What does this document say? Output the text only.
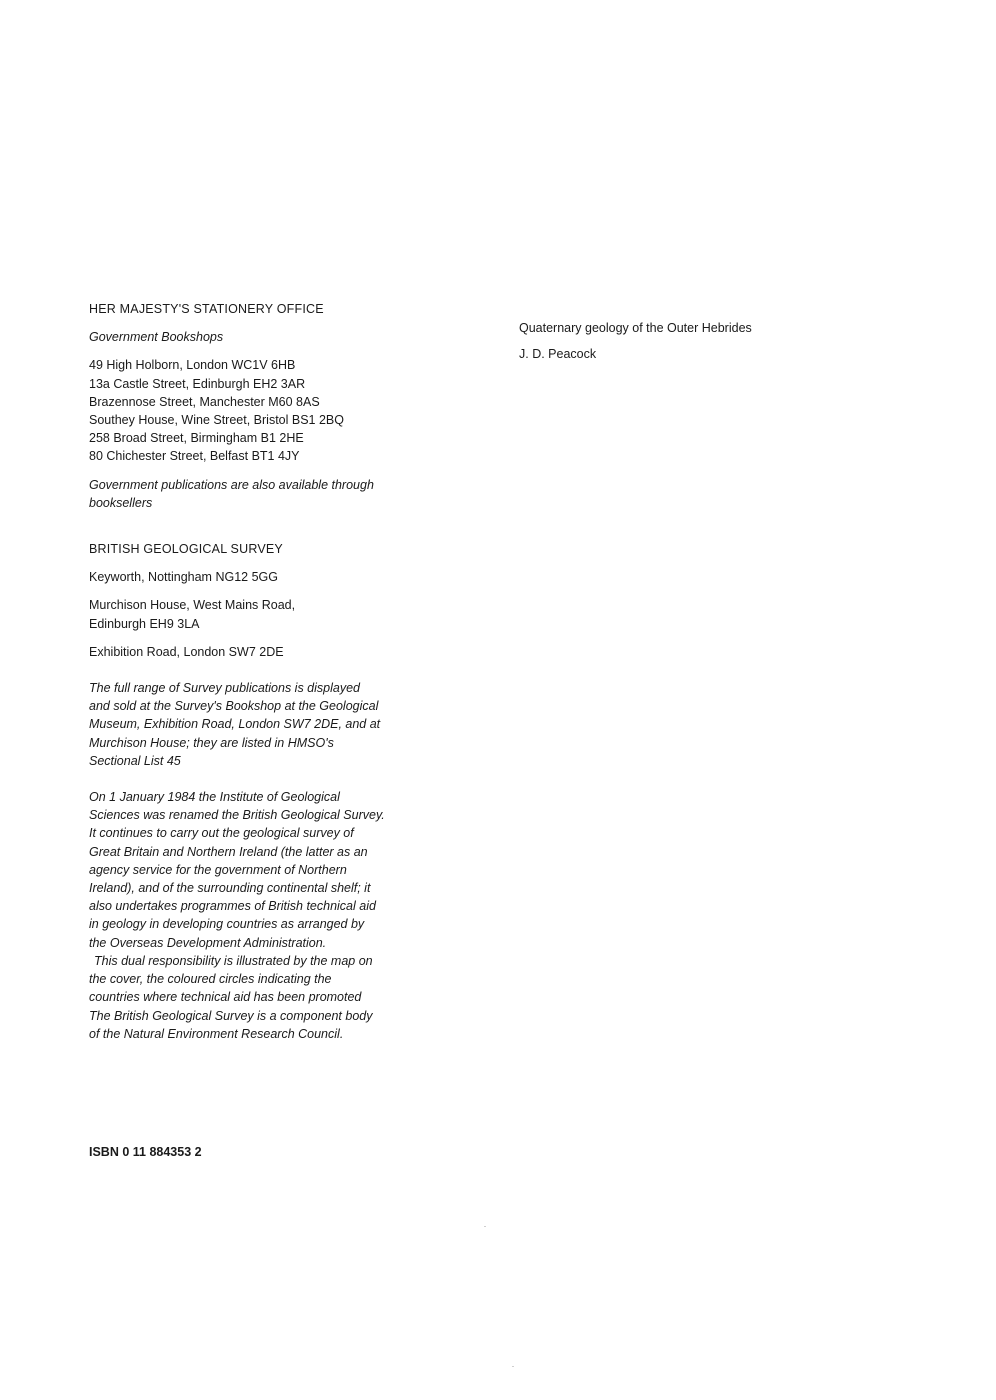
HER MAJESTY'S STATIONERY OFFICE
Government Bookshops
49 High Holborn, London WC1V 6HB
13a Castle Street, Edinburgh EH2 3AR
Brazennose Street, Manchester M60 8AS
Southey House, Wine Street, Bristol BS1 2BQ
258 Broad Street, Birmingham B1 2HE
80 Chichester Street, Belfast BT1 4JY
Government publications are also available through
booksellers
BRITISH GEOLOGICAL SURVEY
Keyworth, Nottingham NG12 5GG
Murchison House, West Mains Road,
Edinburgh EH9 3LA
Exhibition Road, London SW7 2DE
The full range of Survey publications is displayed
and sold at the Survey's Bookshop at the Geological
Museum, Exhibition Road, London SW7 2DE, and at
Murchison House; they are listed in HMSO's
Sectional List 45
On 1 January 1984 the Institute of Geological
Sciences was renamed the British Geological Survey.
It continues to carry out the geological survey of
Great Britain and Northern Ireland (the latter as an
agency service for the government of Northern
Ireland), and of the surrounding continental shelf; it
also undertakes programmes of British technical aid
in geology in developing countries as arranged by
the Overseas Development Administration.
This dual responsibility is illustrated by the map on
the cover, the coloured circles indicating the
countries where technical aid has been promoted
The British Geological Survey is a component body
of the Natural Environment Research Council.
Quaternary geology of the Outer Hebrides
J. D. Peacock
ISBN 0 11 884353 2
